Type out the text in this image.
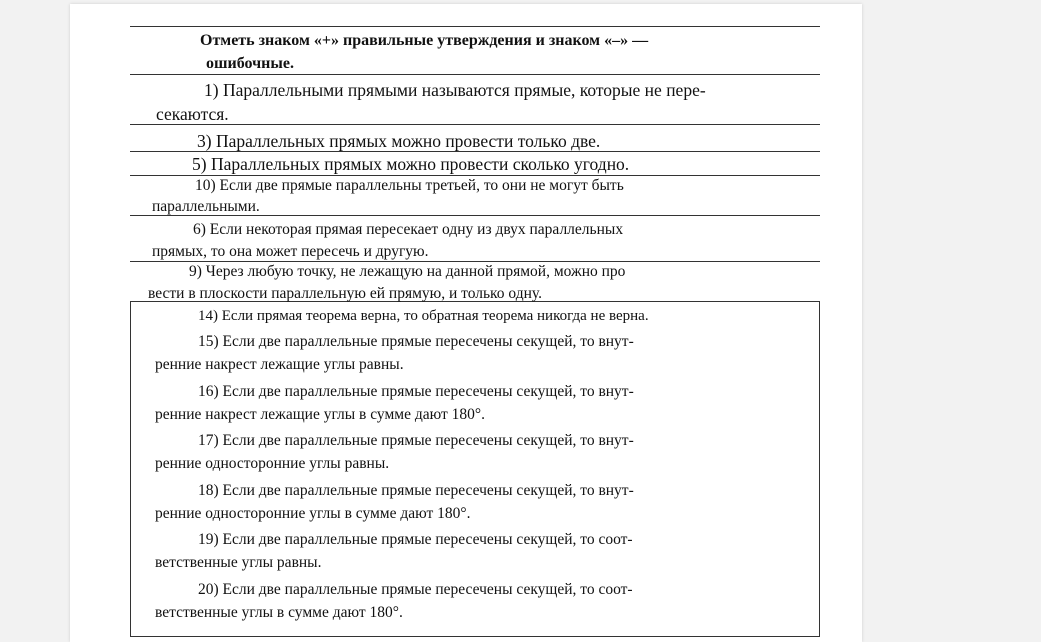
Отметь знаком «+» правильные утверждения и знаком «–» —
ошибочные.
1) Параллельными прямыми называются прямые, которые не пере-
секаются.
3) Параллельных прямых можно провести только две.
5) Параллельных прямых можно провести сколько угодно.
10) Если две прямые параллельны третьей, то они не могут быть
параллельными.
6) Если некоторая прямая пересекает одну из двух параллельных
прямых, то она может пересечь и другую.
9) Через любую точку, не лежащую на данной прямой, можно про
вести в плоскости параллельную ей прямую, и только одну.
14) Если прямая теорема верна, то обратная теорема никогда не верна.
15) Если две параллельные прямые пересечены секущей, то внут-
ренние накрест лежащие углы равны.
16) Если две параллельные прямые пересечены секущей, то внут-
ренние накрест лежащие углы в сумме дают 180°.
17) Если две параллельные прямые пересечены секущей, то внут-
ренние односторонние углы равны.
18) Если две параллельные прямые пересечены секущей, то внут-
ренние односторонние углы в сумме дают 180°.
19) Если две параллельные прямые пересечены секущей, то соот-
ветственные углы равны.
20) Если две параллельные прямые пересечены секущей, то соот-
ветственные углы в сумме дают 180°.
